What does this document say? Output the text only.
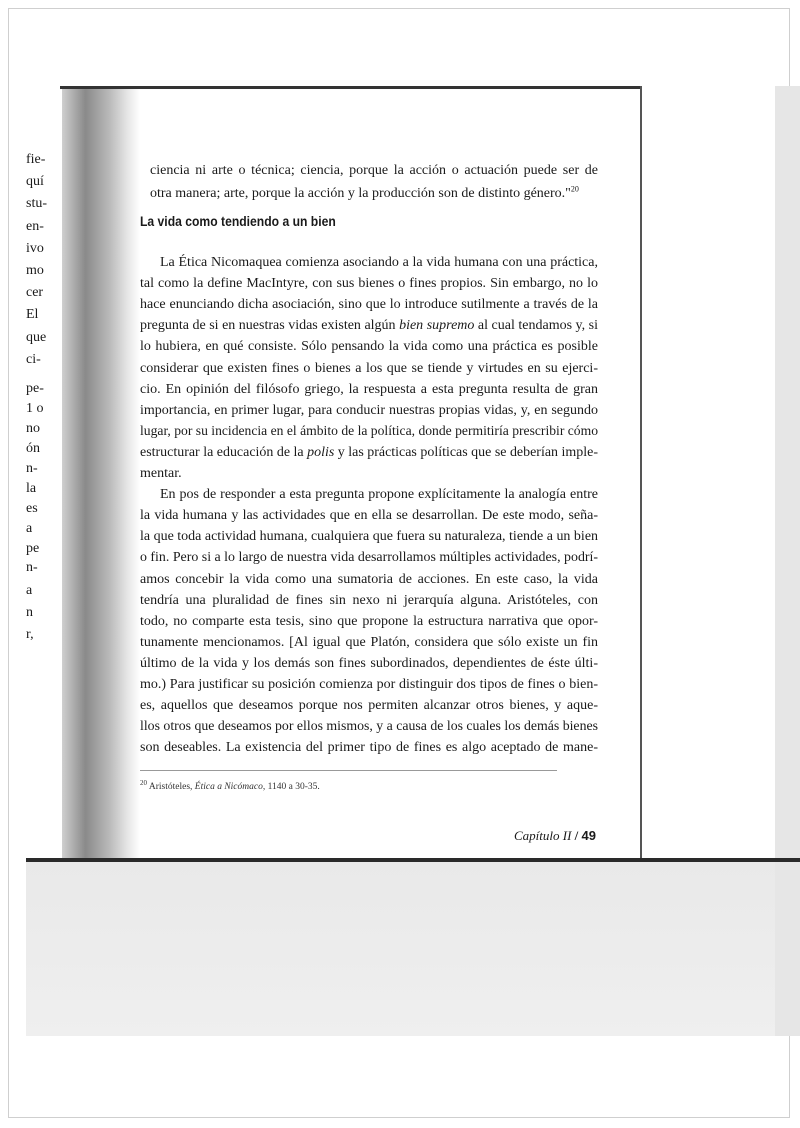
fie-
quí
stu-
en-
ivo
mo
cer
El
que
ci-
pe-
1 o
no
ón
n-
la
es
a
pe
n-
a
n
r,
ciencia ni arte o técnica; ciencia, porque la acción o actuación puede ser de
otra manera; arte, porque la acción y la producción son de distinto género."$^{20}$
La Ética Nicomaquea comienza asociando a la vida humana con una práctica,
tal como la define MacIntyre, con sus bienes o fines propios. Sin embargo, no lo
hace enunciando dicha asociación, sino que lo introduce sutilmente a través de la
pregunta de si en nuestras vidas existen algún bien supremo al cual tendamos y, si
lo hubiera, en qué consiste. Sólo pensando la vida como una práctica es posible
considerar que existen fines o bienes a los que se tiende y virtudes en su ejerci-
cio. En opinión del filósofo griego, la respuesta a esta pregunta resulta de gran
importancia, en primer lugar, para conducir nuestras propias vidas, y, en segundo
lugar, por su incidencia en el ámbito de la política, donde permitiría prescribir cómo
estructurar la educación de la polis y las prácticas políticas que se deberían imple-
mentar.
En pos de responder a esta pregunta propone explícitamente la analogía entre
la vida humana y las actividades que en ella se desarrollan. De este modo, seña-
la que toda actividad humana, cualquiera que fuera su naturaleza, tiende a un bien
o fin. Pero si a lo largo de nuestra vida desarrollamos múltiples actividades, podrí-
amos concebir la vida como una sumatoria de acciones. En este caso, la vida
tendría una pluralidad de fines sin nexo ni jerarquía alguna. Aristóteles, con
todo, no comparte esta tesis, sino que propone la estructura narrativa que opor-
tunamente mencionamos. [Al igual que Platón, considera que sólo existe un fin
último de la vida y los demás son fines subordinados, dependientes de éste últi-
mo.) Para justificar su posición comienza por distinguir dos tipos de fines o bien-
es, aquellos que deseamos porque nos permiten alcanzar otros bienes, y aque-
llos otros que deseamos por ellos mismos, y a causa de los cuales los demás bienes
son deseables. La existencia del primer tipo de fines es algo aceptado de mane-
La vida como tendiendo a un bien
$^{20}$ Aristóteles, Ética a Nicómaco, 1140 a 30-35.
Capítulo II / 49
